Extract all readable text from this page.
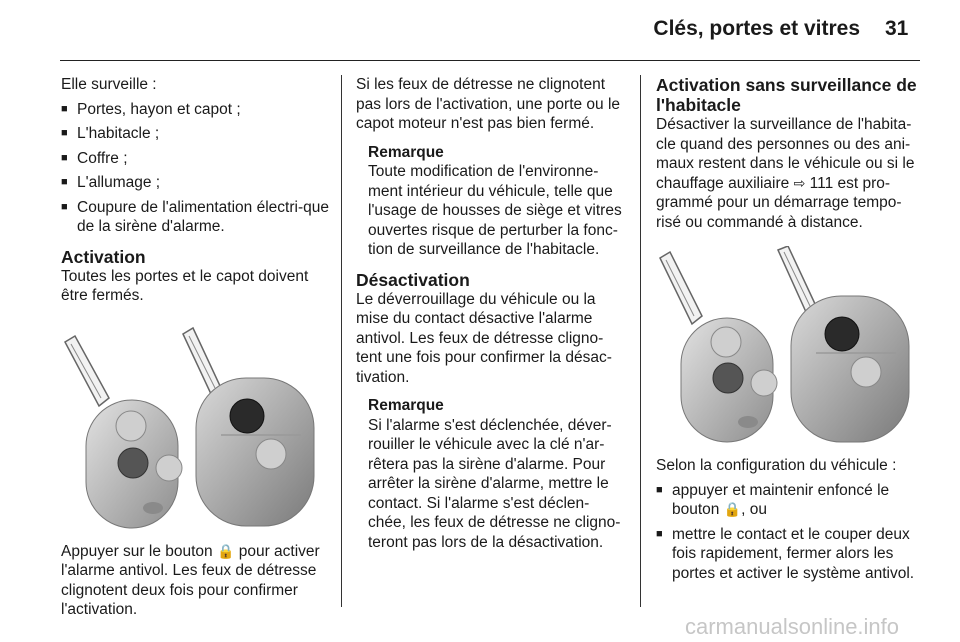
Clés, portes et vitres 31

Elle surveille :

■ Portes, hayon et capot ;
■ L'habitacle ;
■ Coffre ;
■ L'allumage ;
■ Coupure de l'alimentation électri-que de la sirène d'alarme.
Activation

Toutes les portes et le capot doivent être fermés.

Appuyer sur le bouton 🔒 pour activer l'alarme antivol. Les feux de détresse clignotent deux fois pour confirmer l'activation.

Si les feux de détresse ne clignotent pas lors de l'activation, une porte ou le capot moteur n'est pas bien fermé.

Remarque

Toute modification de l'environne-ment intérieur du véhicule, telle que l'usage de housses de siège et vitres ouvertes risque de perturber la fonc-tion de surveillance de l'habitacle.

Désactivation

Le déverrouillage du véhicule ou la mise du contact désactive l'alarme antivol. Les feux de détresse cligno-tent une fois pour confirmer la désac-tivation.

Remarque

Si l'alarme s'est déclenchée, déver-rouiller le véhicule avec la clé n'ar-rêtera pas la sirène d'alarme. Pour arrêter la sirène d'alarme, mettre le contact. Si l'alarme s'est déclen-chée, les feux de détresse ne cligno-teront pas lors de la désactivation.

Activation sans surveillance de l'habitacle

Désactiver la surveillance de l'habita-cle quand des personnes ou des ani-maux restent dans le véhicule ou si le chauffage auxiliaire ⇨ 111 est pro-grammé pour un démarrage tempo-risé ou commandé à distance.

Selon la configuration du véhicule :

■ appuyer et maintenir enfoncé le bouton 🔒, ou
■ mettre le contact et le couper deux fois rapidement, fermer alors les portes et activer le système antivol.
carmanualsonline.info
